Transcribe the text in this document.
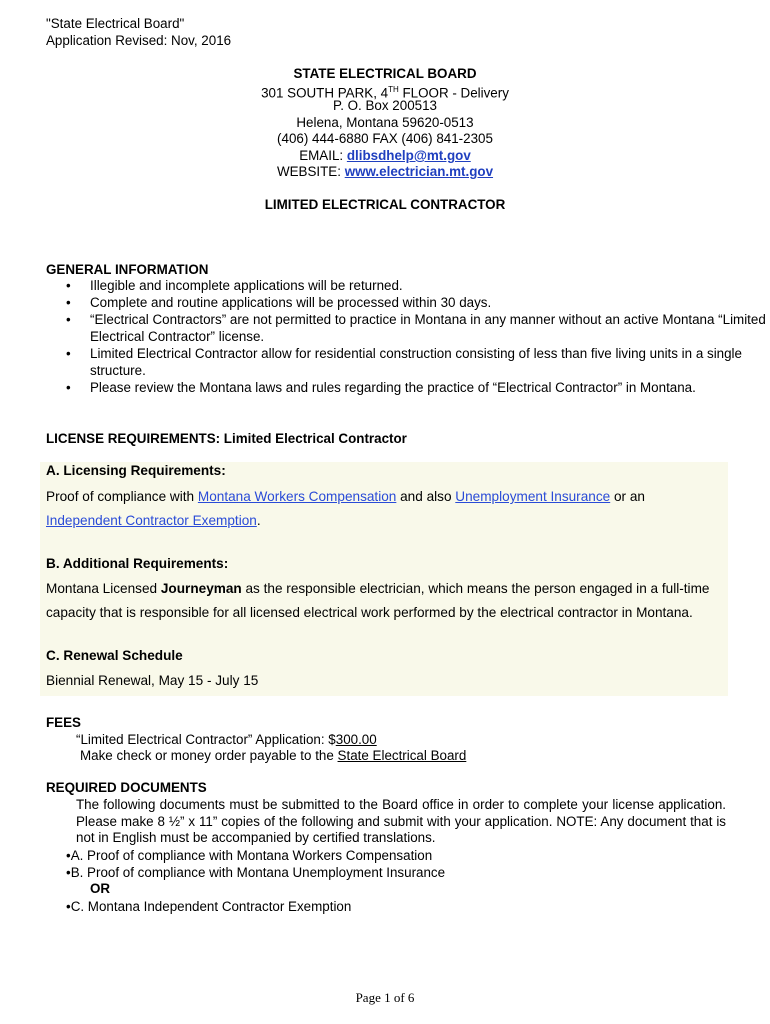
"State Electrical Board"
Application Revised: Nov, 2016
STATE ELECTRICAL BOARD
301 SOUTH PARK, 4TH FLOOR - Delivery
P. O. Box 200513
Helena, Montana 59620-0513
(406) 444-6880 FAX (406) 841-2305
EMAIL: dlibsdhelp@mt.gov
WEBSITE: www.electrician.mt.gov
LIMITED ELECTRICAL CONTRACTOR
GENERAL INFORMATION
• Illegible and incomplete applications will be returned.
• Complete and routine applications will be processed within 30 days.
• “Electrical Contractors” are not permitted to practice in Montana in any manner without an active Montana “Limited Electrical Contractor” license.
• Limited Electrical Contractor allow for residential construction consisting of less than five living units in a single structure.
• Please review the Montana laws and rules regarding the practice of “Electrical Contractor” in Montana.
LICENSE REQUIREMENTS: Limited Electrical Contractor
A. Licensing Requirements:
Proof of compliance with Montana Workers Compensation and also Unemployment Insurance or an
Independent Contractor Exemption.
B. Additional Requirements:
Montana Licensed Journeyman as the responsible electrician, which means the person engaged in a full-time capacity that is responsible for all licensed electrical work performed by the electrical contractor in Montana.
C. Renewal Schedule
Biennial Renewal, May 15 - July 15
FEES
“Limited Electrical Contractor” Application: $300.00
Make check or money order payable to the State Electrical Board
REQUIRED DOCUMENTS
The following documents must be submitted to the Board office in order to complete your license application. Please make 8 ½” x 11” copies of the following and submit with your application. NOTE: Any document that is not in English must be accompanied by certified translations.
•A. Proof of compliance with Montana Workers Compensation
•B. Proof of compliance with Montana Unemployment Insurance
OR
•C. Montana Independent Contractor Exemption
Page 1 of 6
